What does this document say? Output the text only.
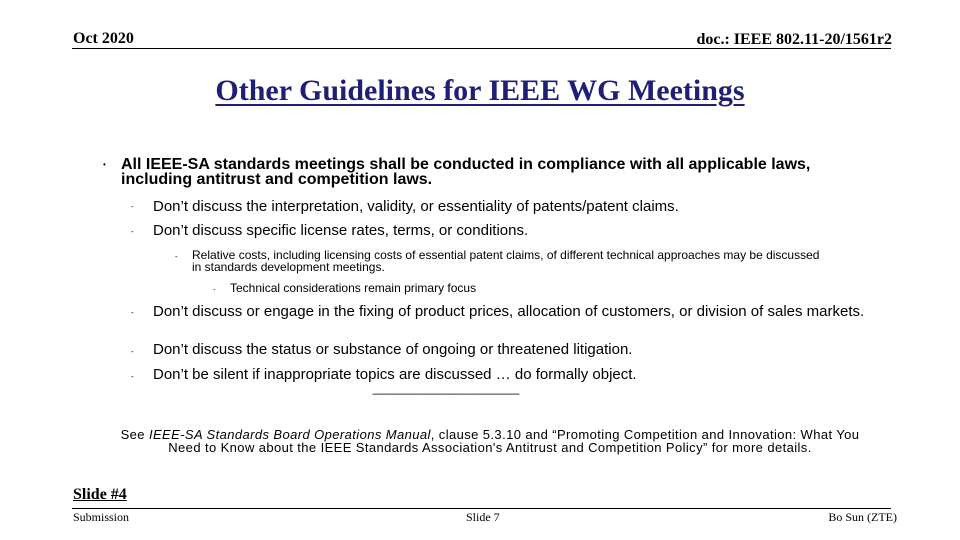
Oct 2020	doc.: IEEE 802.11-20/1561r2
Other Guidelines for IEEE WG Meetings
• All IEEE-SA standards meetings shall be conducted in compliance with all applicable laws, including antitrust and competition laws.
- Don’t discuss the interpretation, validity, or essentiality of patents/patent claims.
- Don’t discuss specific license rates, terms, or conditions.
- Relative costs, including licensing costs of essential patent claims, of different technical approaches may be discussed in standards development meetings.
- Technical considerations remain primary focus
- Don’t discuss or engage in the fixing of product prices, allocation of customers, or division of sales markets.
- Don’t discuss the status or substance of ongoing or threatened litigation.
- Don’t be silent if inappropriate topics are discussed … do formally object.
---------------------------------------------------------------
See IEEE-SA Standards Board Operations Manual, clause 5.3.10 and “Promoting Competition and Innovation: What You Need to Know about the IEEE Standards Association's Antitrust and Competition Policy” for more details.
Slide #4
Submission	Slide 7	Bo Sun (ZTE)
